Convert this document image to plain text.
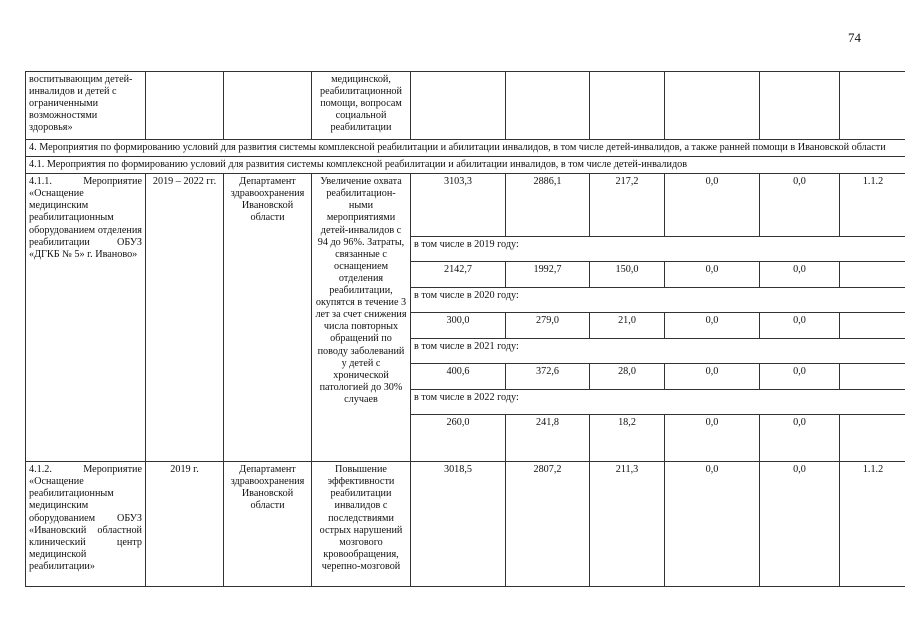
74
воспитывающим детей-инвалидов и детей с ограниченными возможностями здоровья»			медицинской, реабилитационной помощи, вопросам социальной реабилитации						
4. Мероприятия по формированию условий для развития системы комплексной реабилитации и абилитации инвалидов, в том числе детей-инвалидов, а также ранней помощи в Ивановской области									
4.1. Мероприятия по формированию условий для развития системы комплексной реабилитации и абилитации инвалидов, в том числе детей-инвалидов									
4.1.1. Мероприятие «Оснащение медицинским реабилитационным оборудованием отделения реабилитации ОБУЗ «ДГКБ № 5» г. Иваново»	2019 – 2022 гг.	Департамент здравоохранения Ивановской области	Увеличение охвата реабилитацион-ными мероприятиями детей-инвалидов с 94 до 96%. Затраты, связанные с оснащением отделения реабилитации, окупятся в течение 3 лет за счет снижения числа повторных обращений по поводу заболеваний у детей с хронической патологией до 30% случаев	3103,3	2886,1	217,2	0,0	0,0	1.1.2
				в том числе в 2019 году:					
				2142,7	1992,7	150,0	0,0	0,0	
				в том числе в 2020 году:					
				300,0	279,0	21,0	0,0	0,0	
				в том числе в 2021 году:					
				400,6	372,6	28,0	0,0	0,0	
				в том числе в 2022 году:					
				260,0	241,8	18,2	0,0	0,0	
4.1.2. Мероприятие «Оснащение реабилитационным медицинским оборудованием ОБУЗ «Ивановский областной клинический центр медицинской реабилитации»	2019 г.	Департамент здравоохранения Ивановской области	Повышение эффективности реабилитации инвалидов с последствиями острых нарушений мозгового кровообращения, черепно-мозговой	3018,5	2807,2	211,3	0,0	0,0	1.1.2
